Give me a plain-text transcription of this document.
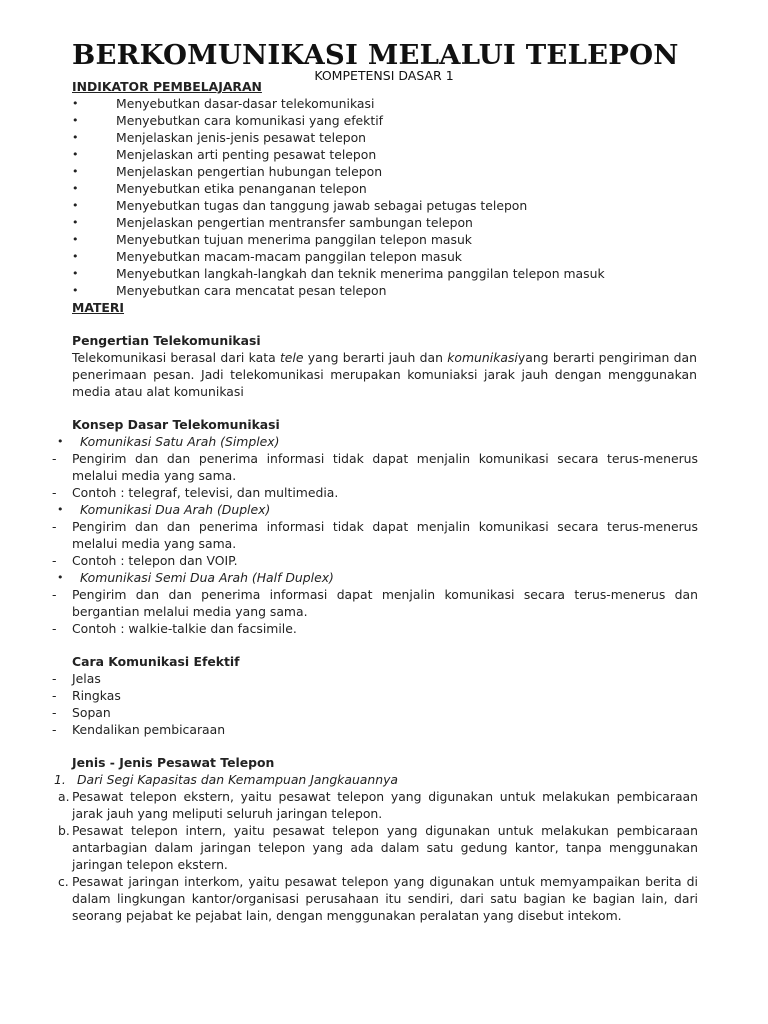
BERKOMUNIKASI MELALUI TELEPON
KOMPETENSI DASAR 1
INDIKATOR PEMBELAJARAN
•	Menyebutkan dasar-dasar telekomunikasi
•	Menyebutkan cara komunikasi yang efektif
•	Menjelaskan jenis-jenis pesawat telepon
•	Menjelaskan arti penting pesawat telepon
•	Menjelaskan pengertian hubungan telepon
•	Menyebutkan etika penanganan telepon
•	Menyebutkan tugas dan tanggung jawab sebagai petugas telepon
•	Menjelaskan pengertian mentransfer sambungan telepon
•	Menyebutkan tujuan menerima panggilan telepon masuk
•	Menyebutkan macam-macam panggilan telepon masuk
•	Menyebutkan langkah-langkah dan teknik menerima panggilan telepon masuk
•	Menyebutkan cara mencatat pesan telepon
MATERI
Pengertian Telekomunikasi
Telekomunikasi berasal dari kata tele yang berarti jauh dan komunikasiyang berarti pengiriman dan penerimaan pesan. Jadi telekomunikasi merupakan komuniaksi jarak jauh dengan menggunakan media atau alat komunikasi
Konsep Dasar Telekomunikasi
• Komunikasi Satu Arah (Simplex)
- Pengirim dan dan penerima informasi tidak dapat menjalin komunikasi secara terus-menerus melalui media yang sama.
- Contoh : telegraf, televisi, dan multimedia.
• Komunikasi Dua Arah (Duplex)
- Pengirim dan dan penerima informasi tidak dapat menjalin komunikasi secara terus-menerus melalui media yang sama.
- Contoh : telepon dan VOIP.
• Komunikasi Semi Dua Arah (Half Duplex)
- Pengirim dan dan penerima informasi dapat menjalin komunikasi secara terus-menerus dan bergantian melalui media yang sama.
- Contoh : walkie-talkie dan facsimile.
Cara Komunikasi Efektif
- Jelas
- Ringkas
- Sopan
- Kendalikan pembicaraan
Jenis - Jenis Pesawat Telepon
1. Dari Segi Kapasitas dan Kemampuan Jangkauannya
a. Pesawat telepon ekstern, yaitu pesawat telepon yang digunakan untuk melakukan pembicaraan jarak jauh yang meliputi seluruh jaringan telepon.
b. Pesawat telepon intern, yaitu pesawat telepon yang digunakan untuk melakukan pembicaraan antarbagian dalam jaringan telepon yang ada dalam satu gedung kantor, tanpa menggunakan jaringan telepon ekstern.
c. Pesawat jaringan interkom, yaitu pesawat telepon yang digunakan untuk memyampaikan berita di dalam lingkungan kantor/organisasi perusahaan itu sendiri, dari satu bagian ke bagian lain, dari seorang pejabat ke pejabat lain, dengan menggunakan peralatan yang disebut intekom.
